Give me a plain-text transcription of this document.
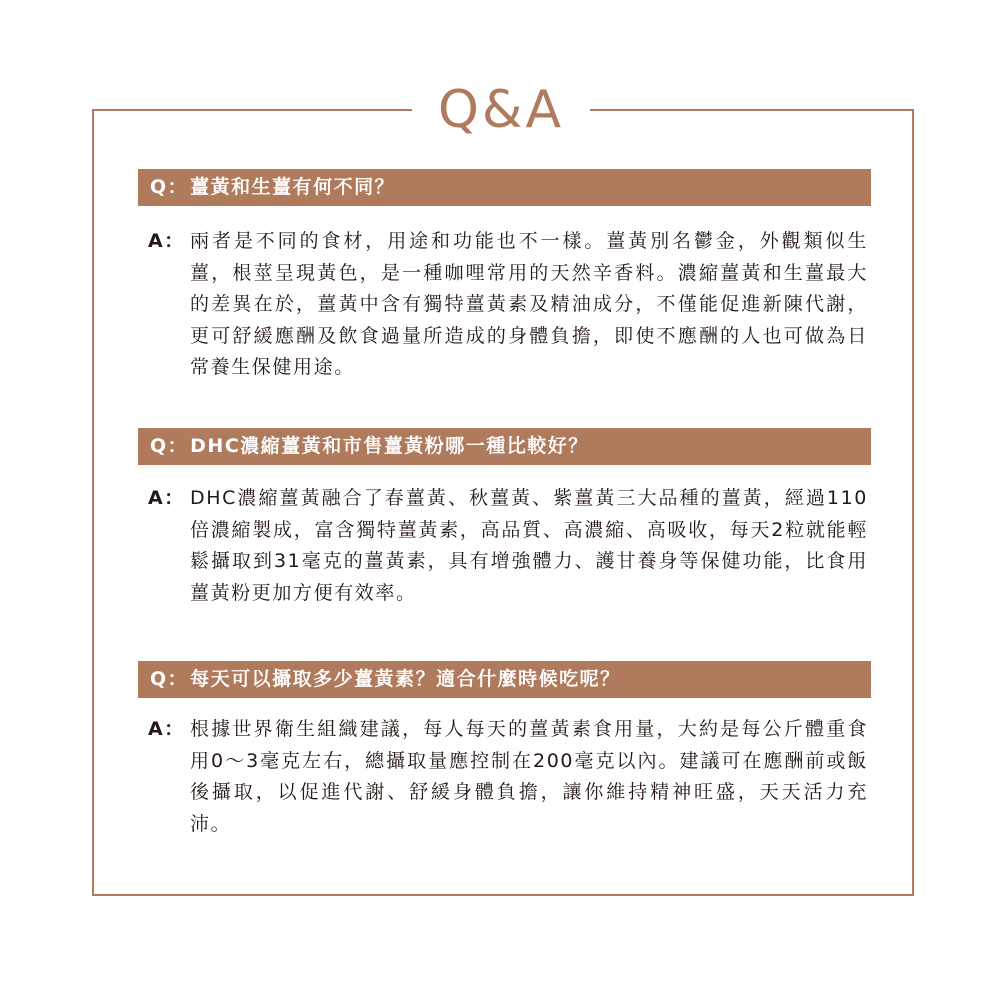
Q&A
Q： 薑黃和生薑有何不同？
A： 兩者是不同的食材，用途和功能也不一樣。薑黃別名鬱金，外觀類似生薑，根莖呈現黃色，是一種咖哩常用的天然辛香料。濃縮薑黃和生薑最大的差異在於，薑黃中含有獨特薑黃素及精油成分，不僅能促進新陳代謝，更可舒緩應酬及飲食過量所造成的身體負擔，即使不應酬的人也可做為日常養生保健用途。
Q： DHC濃縮薑黃和市售薑黃粉哪一種比較好？
A： DHC濃縮薑黃融合了春薑黃、秋薑黃、紫薑黃三大品種的薑黃，經過110倍濃縮製成，富含獨特薑黃素，高品質、高濃縮、高吸收，每天2粒就能輕鬆攝取到31毫克的薑黃素，具有增強體力、護甘養身等保健功能，比食用薑黃粉更加方便有效率。
Q： 每天可以攝取多少薑黃素？適合什麼時候吃呢？
A： 根據世界衛生組織建議，每人每天的薑黃素食用量，大約是每公斤體重食用0～3毫克左右，總攝取量應控制在200毫克以內。建議可在應酬前或飯後攝取，以促進代謝、舒緩身體負擔，讓你維持精神旺盛，天天活力充沛。
